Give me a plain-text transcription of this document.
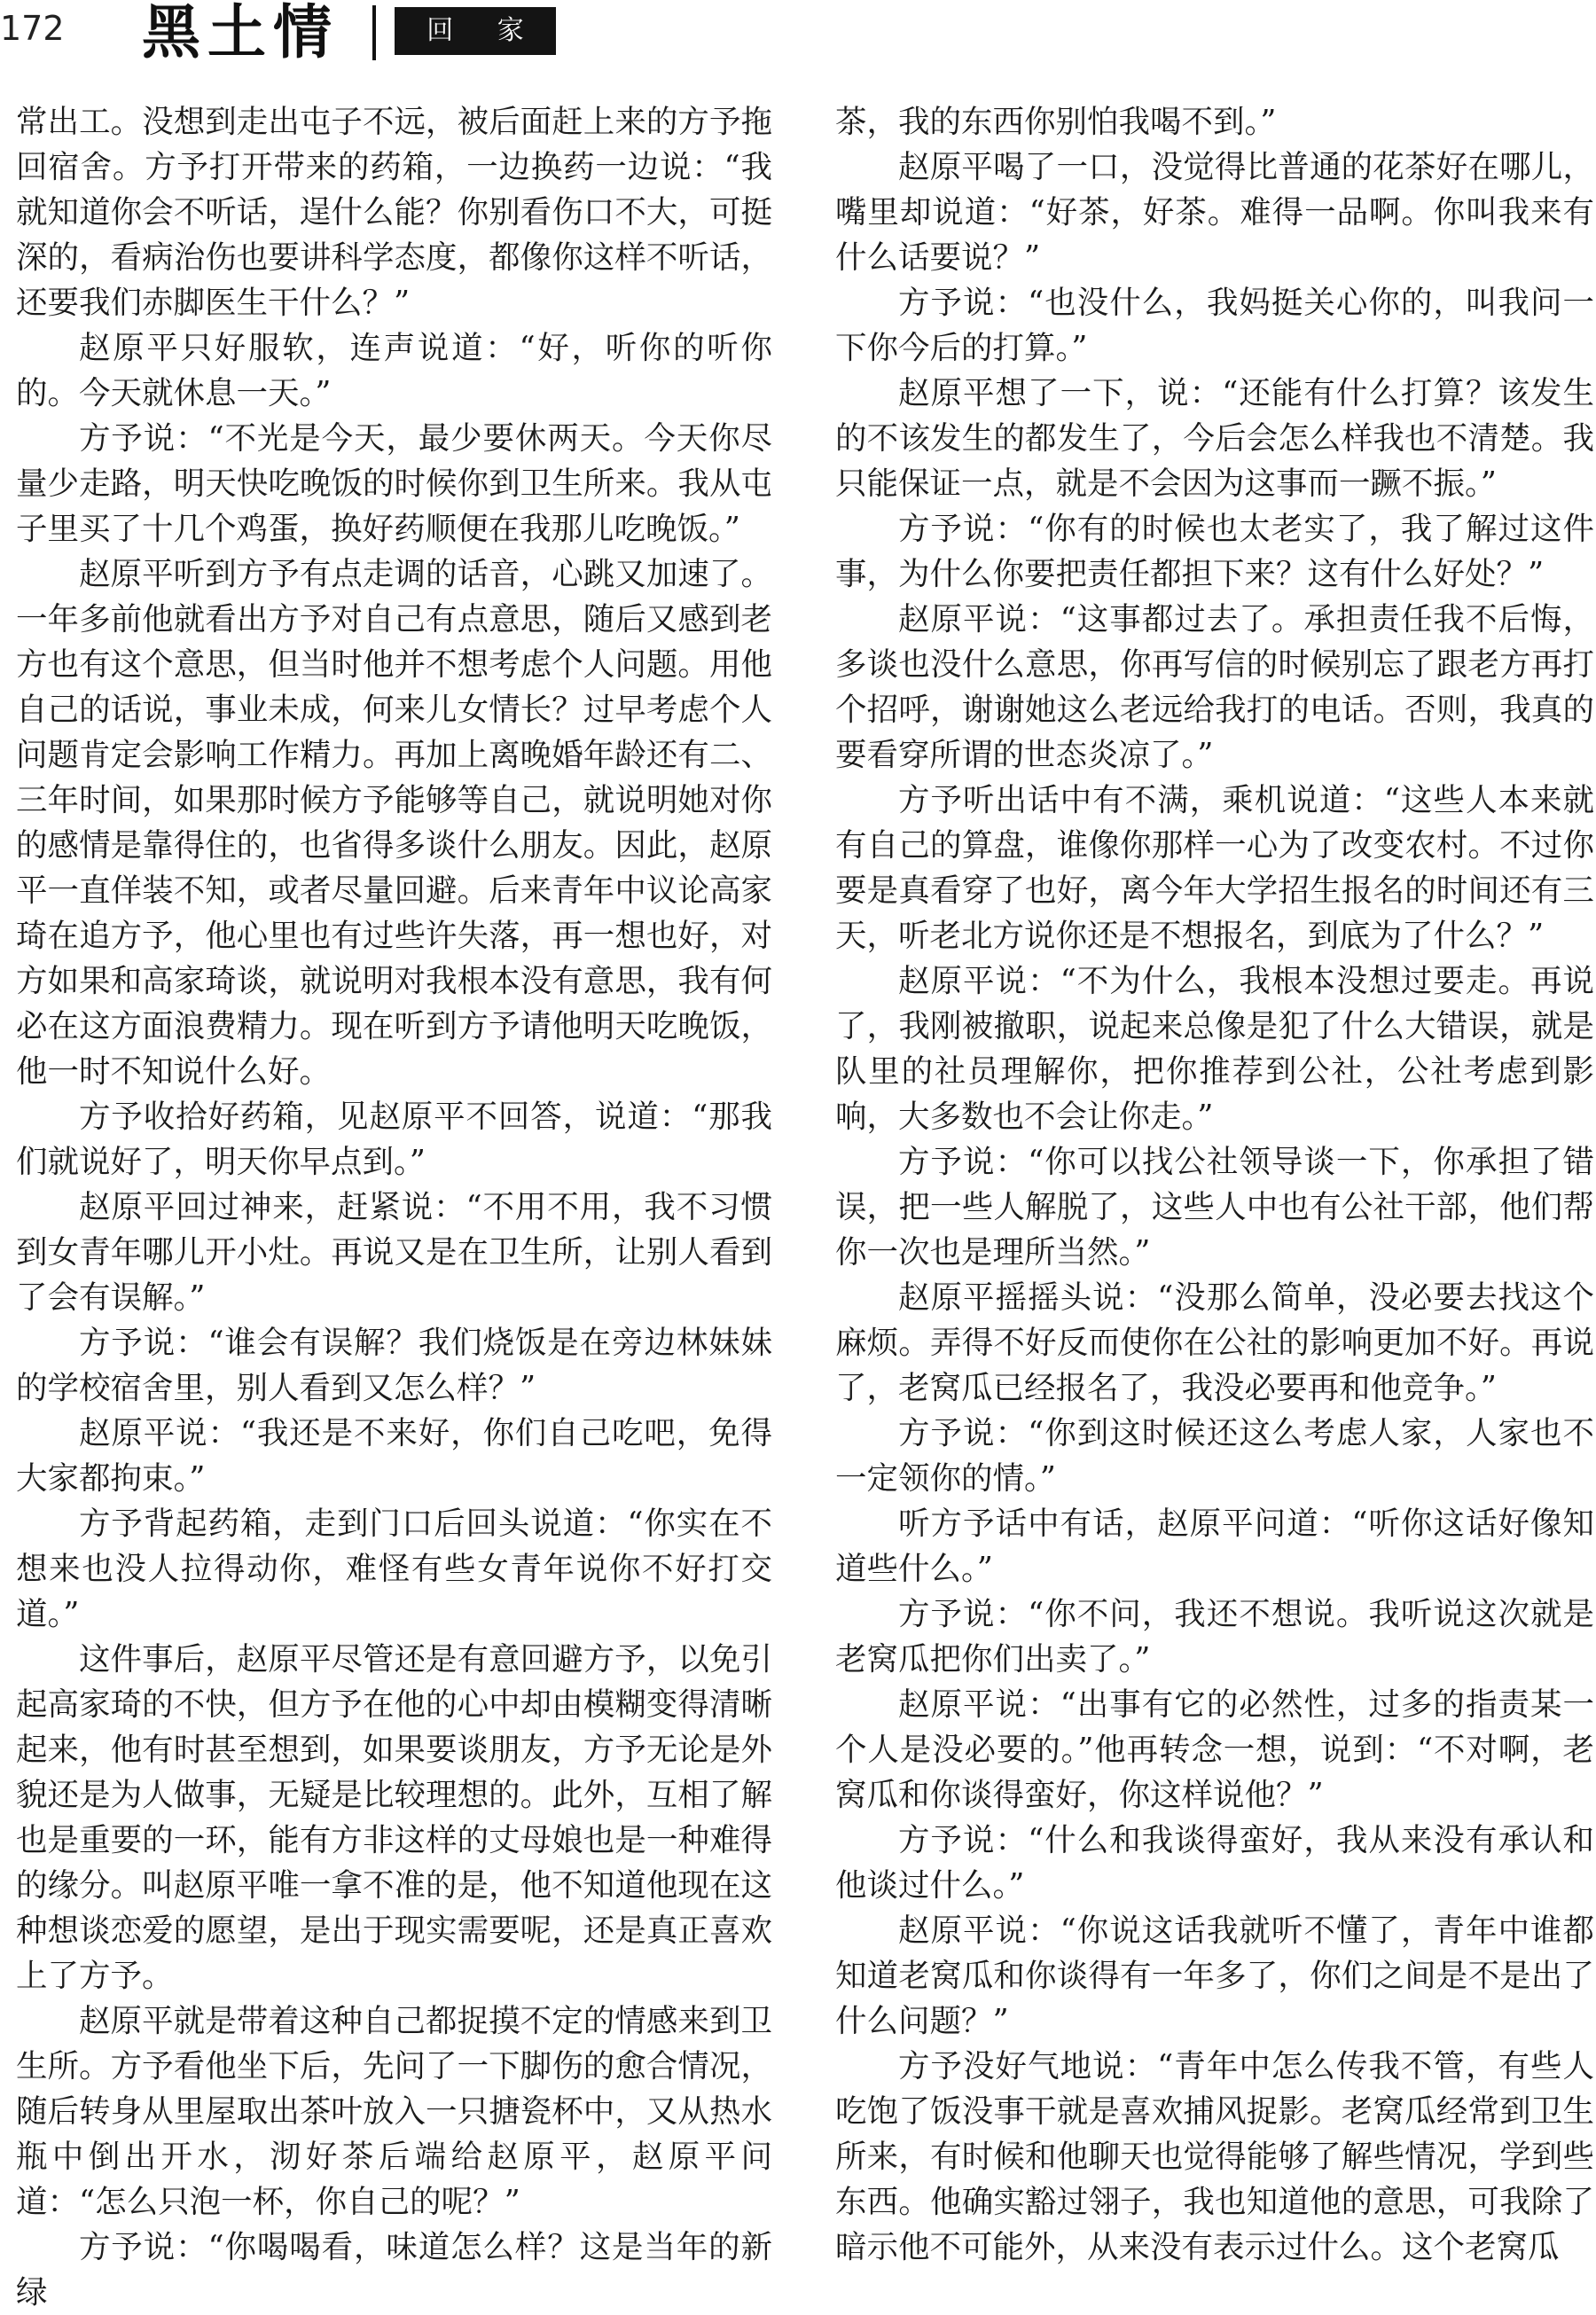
172 黑土情	回 家

常出工。没想到走出屯子不远，被后面赶上来的方予拖回宿舍。方予打开带来的药箱，一边换药一边说：“我就知道你会不听话，逞什么能？你别看伤口不大，可挺深的，看病治伤也要讲科学态度，都像你这样不听话，还要我们赤脚医生干什么？”

赵原平只好服软，连声说道：“好，听你的听你的。今天就休息一天。”

方予说：“不光是今天，最少要休两天。今天你尽量少走路，明天快吃晚饭的时候你到卫生所来。我从屯子里买了十几个鸡蛋，换好药顺便在我那儿吃晚饭。”

赵原平听到方予有点走调的话音，心跳又加速了。一年多前他就看出方予对自己有点意思，随后又感到老方也有这个意思，但当时他并不想考虑个人问题。用他自己的话说，事业未成，何来儿女情长？过早考虑个人问题肯定会影响工作精力。再加上离晚婚年龄还有二、三年时间，如果那时候方予能够等自己，就说明她对你的感情是靠得住的，也省得多谈什么朋友。因此，赵原平一直佯装不知，或者尽量回避。后来青年中议论高家琦在追方予，他心里也有过些许失落，再一想也好，对方如果和高家琦谈，就说明对我根本没有意思，我有何必在这方面浪费精力。现在听到方予请他明天吃晚饭，他一时不知说什么好。

方予收拾好药箱，见赵原平不回答，说道：“那我们就说好了，明天你早点到。”

赵原平回过神来，赶紧说：“不用不用，我不习惯到女青年哪儿开小灶。再说又是在卫生所，让别人看到了会有误解。”

方予说：“谁会有误解？我们烧饭是在旁边林妹妹的学校宿舍里，别人看到又怎么样？”

赵原平说：“我还是不来好，你们自己吃吧，免得大家都拘束。”

方予背起药箱，走到门口后回头说道：“你实在不想来也没人拉得动你，难怪有些女青年说你不好打交道。”

这件事后，赵原平尽管还是有意回避方予，以免引起高家琦的不快，但方予在他的心中却由模糊变得清晰起来，他有时甚至想到，如果要谈朋友，方予无论是外貌还是为人做事，无疑是比较理想的。此外，互相了解也是重要的一环，能有方非这样的丈母娘也是一种难得的缘分。叫赵原平唯一拿不准的是，他不知道他现在这种想谈恋爱的愿望，是出于现实需要呢，还是真正喜欢上了方予。

赵原平就是带着这种自己都捉摸不定的情感来到卫生所。方予看他坐下后，先问了一下脚伤的愈合情况，随后转身从里屋取出茶叶放入一只搪瓷杯中，又从热水瓶中倒出开水，沏好茶后端给赵原平，赵原平问道：“怎么只泡一杯，你自己的呢？”

方予说：“你喝喝看，味道怎么样？这是当年的新绿

茶，我的东西你别怕我喝不到。”

赵原平喝了一口，没觉得比普通的花茶好在哪儿，嘴里却说道：“好茶，好茶。难得一品啊。你叫我来有什么话要说？”

方予说：“也没什么，我妈挺关心你的，叫我问一下你今后的打算。”

赵原平想了一下，说：“还能有什么打算？该发生的不该发生的都发生了，今后会怎么样我也不清楚。我只能保证一点，就是不会因为这事而一蹶不振。”

方予说：“你有的时候也太老实了，我了解过这件事，为什么你要把责任都担下来？这有什么好处？”

赵原平说：“这事都过去了。承担责任我不后悔，多谈也没什么意思，你再写信的时候别忘了跟老方再打个招呼，谢谢她这么老远给我打的电话。否则，我真的要看穿所谓的世态炎凉了。”

方予听出话中有不满，乘机说道：“这些人本来就有自己的算盘，谁像你那样一心为了改变农村。不过你要是真看穿了也好，离今年大学招生报名的时间还有三天，听老北方说你还是不想报名，到底为了什么？”

赵原平说：“不为什么，我根本没想过要走。再说了，我刚被撤职，说起来总像是犯了什么大错误，就是队里的社员理解你，把你推荐到公社，公社考虑到影响，大多数也不会让你走。”

方予说：“你可以找公社领导谈一下，你承担了错误，把一些人解脱了，这些人中也有公社干部，他们帮你一次也是理所当然。”

赵原平摇摇头说：“没那么简单，没必要去找这个麻烦。弄得不好反而使你在公社的影响更加不好。再说了，老窝瓜已经报名了，我没必要再和他竞争。”

方予说：“你到这时候还这么考虑人家，人家也不一定领你的情。”

听方予话中有话，赵原平问道：“听你这话好像知道些什么。”

方予说：“你不问，我还不想说。我听说这次就是老窝瓜把你们出卖了。”

赵原平说：“出事有它的必然性，过多的指责某一个人是没必要的。”他再转念一想，说到：“不对啊，老窝瓜和你谈得蛮好，你这样说他？”

方予说：“什么和我谈得蛮好，我从来没有承认和他谈过什么。”

赵原平说：“你说这话我就听不懂了，青年中谁都知道老窝瓜和你谈得有一年多了，你们之间是不是出了什么问题？”

方予没好气地说：“青年中怎么传我不管，有些人吃饱了饭没事干就是喜欢捕风捉影。老窝瓜经常到卫生所来，有时候和他聊天也觉得能够了解些情况，学到些东西。他确实豁过翎子，我也知道他的意思，可我除了暗示他不可能外，从来没有表示过什么。这个老窝瓜
